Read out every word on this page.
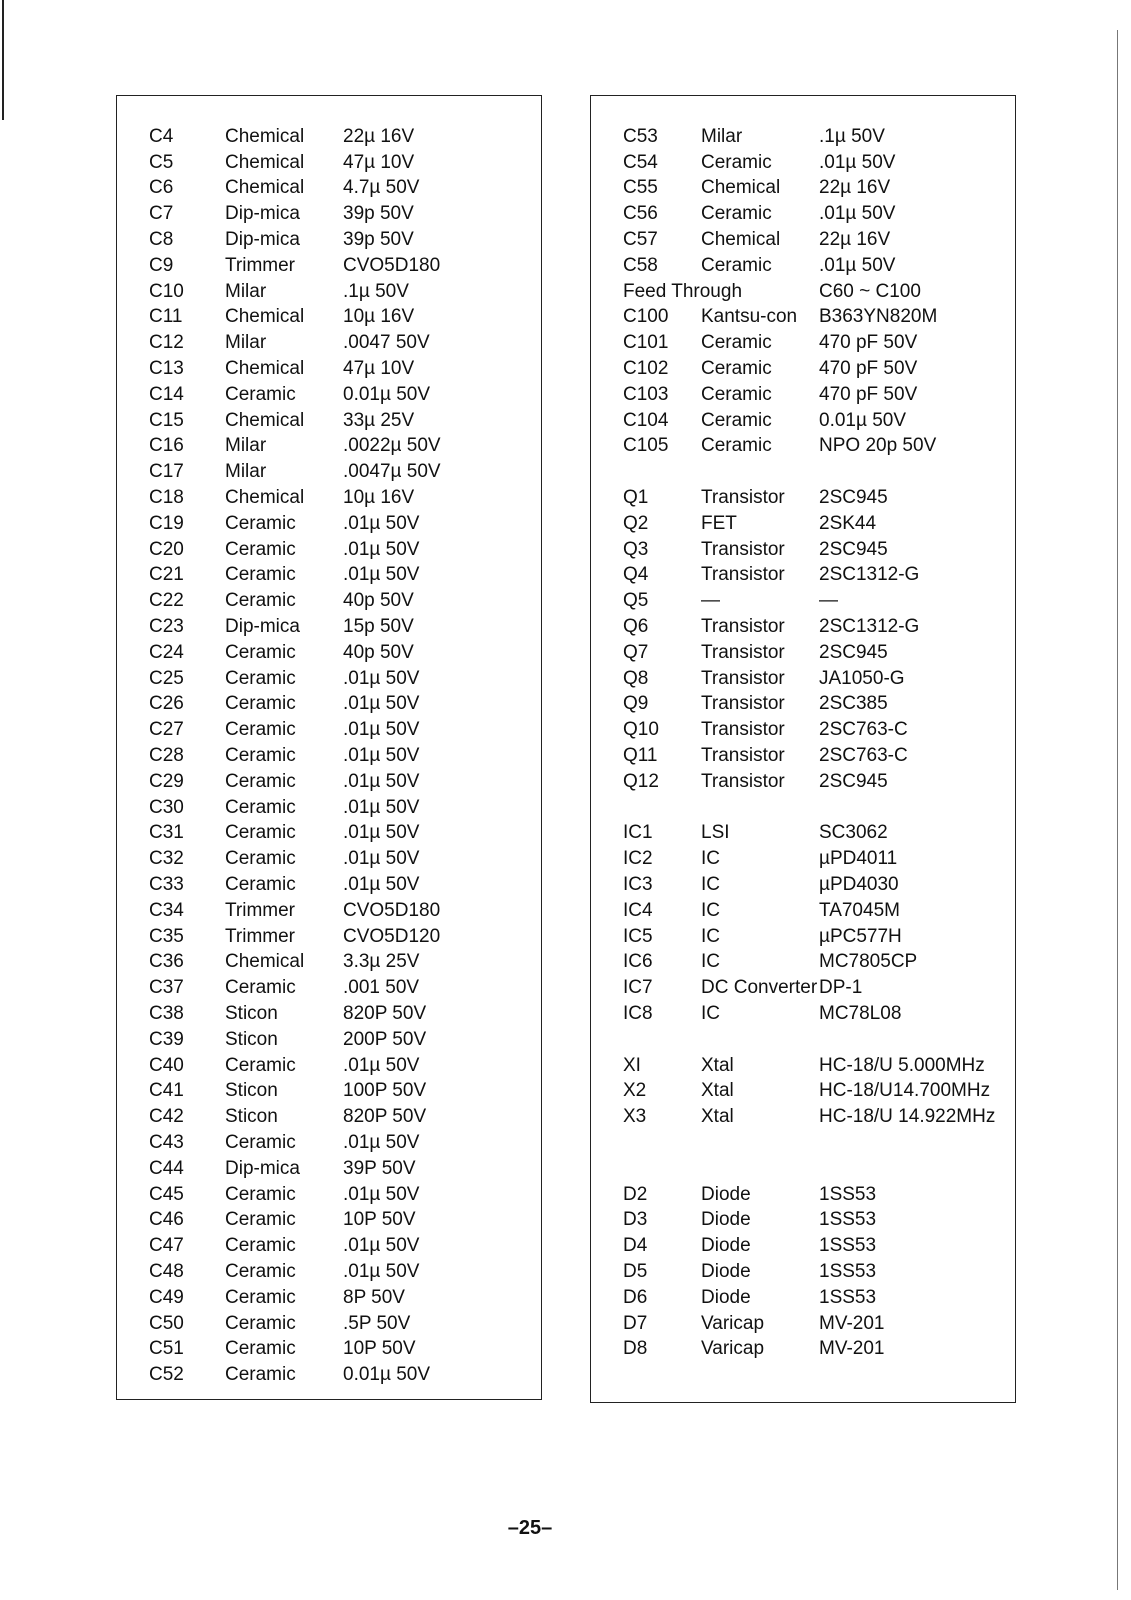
C4	Chemical 22µ 16V
C5	Chemical 47µ 10V
C6	Chemical 4.7µ 50V
C7	Dip-mica 39p 50V
C8	Dip-mica 39p 50V
C9	Trimmer	CVO5D180
C10 Milar	.1µ 50V
C11 Chemical 10µ 16V
C12 Milar	.0047 50V
C13 Chemical 47µ 10V
C14 Ceramic 0.01µ 50V
C15 Chemical 33µ 25V
C16 Milar	.0022µ 50V
C17 Milar	.0047µ 50V
C18 Chemical 10µ 16V
C19 Ceramic .01µ 50V
C20 Ceramic .01µ 50V
C21 Ceramic .01µ 50V
C22 Ceramic 40p 50V
C23 Dip-mica 15p 50V
C24 Ceramic 40p 50V
C25 Ceramic .01µ 50V
C26 Ceramic .01µ 50V
C27 Ceramic .01µ 50V
C28 Ceramic .01µ 50V
C29 Ceramic .01µ 50V
C30 Ceramic .01µ 50V
C31 Ceramic .01µ 50V
C32 Ceramic .01µ 50V
C33 Ceramic .01µ 50V
C34 Trimmer	CVO5D180
C35 Trimmer	CVO5D120
C36 Chemical 3.3µ 25V
C37 Ceramic .001 50V
C38 Sticon	820P 50V
C39 Sticon	200P 50V
C40 Ceramic .01µ 50V
C41 Sticon	100P 50V
C42 Sticon	820P 50V
C43 Ceramic .01µ 50V
C44 Dip-mica 39P 50V
C45 Ceramic .01µ 50V
C46 Ceramic 10P 50V
C47 Ceramic .01µ 50V
C48 Ceramic .01µ 50V
C49 Ceramic 8P 50V
C50 Ceramic .5P 50V
C51 Ceramic 10P 50V
C52 Ceramic 0.01µ 50V
C53 Milar	.1µ 50V
C54 Ceramic .01µ 50V
C55 Chemical 22µ 16V
C56 Ceramic .01µ 50V
C57 Chemical 22µ 16V
C58 Ceramic .01µ 50V
Feed Through	C60 ~ C100
C100 Kantsu-con B363YN820M
C101 Ceramic 470 pF 50V
C102 Ceramic 470 pF 50V
C103 Ceramic 470 pF 50V
C104 Ceramic 0.01µ 50V
C105 Ceramic NPO 20p 50V
Q1	Transistor 2SC945
Q2	FET	2SK44
Q3	Transistor 2SC945
Q4	Transistor 2SC1312-G
Q5	—	—
Q6	Transistor 2SC1312-G
Q7	Transistor 2SC945
Q8	Transistor JA1050-G
Q9	Transistor 2SC385
Q10 Transistor 2SC763-C
Q11 Transistor 2SC763-C
Q12 Transistor 2SC945
IC1	LSI	SC3062
IC2	IC	µPD4011
IC3	IC	µPD4030
IC4	IC	TA7045M
IC5	IC	µPC577H
IC6	IC	MC7805CP
IC7	DC Converter DP-1
IC8	IC	MC78L08
XI	Xtal	HC-18/U 5.000MHz
X2	Xtal	HC-18/U14.700MHz
X3	Xtal	HC-18/U 14.922MHz
D2	Diode	1SS53
D3	Diode	1SS53
D4	Diode	1SS53
D5	Diode	1SS53
D6	Diode	1SS53
D7	Varicap	MV-201
D8	Varicap	MV-201
–25–
